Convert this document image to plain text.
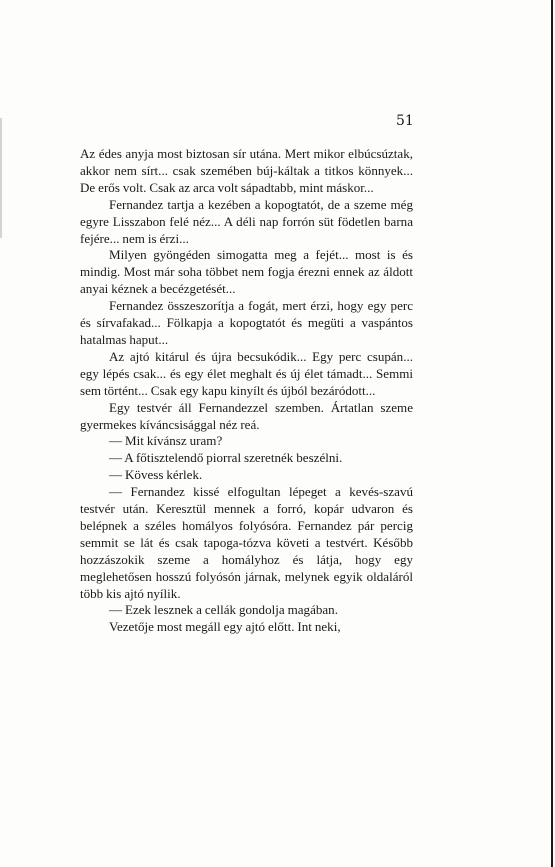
51

Az édes anyja most biztosan sír utána. Mert mikor elbúcsúztak, akkor nem sírt... csak szemében búj-káltak a titkos könnyek... De erős volt. Csak az arca volt sápadtabb, mint máskor...

Fernandez tartja a kezében a kopogtatót, de a szeme még egyre Lisszabon felé néz... A déli nap forrón süt födetlen barna fejére... nem is érzi...

Milyen gyöngéden simogatta meg a fejét... most is és mindig. Most már soha többet nem fogja érezni ennek az áldott anyai kéznek a becézgetését...

Fernandez összeszorítja a fogát, mert érzi, hogy egy perc és sírvafakad... Fölkapja a kopogtatót és megüti a vaspántos hatalmas haput...

Az ajtó kitárul és újra becsukódik... Egy perc csupán... egy lépés csak... és egy élet meghalt és új élet támadt... Semmi sem történt... Csak egy kapu kinyílt és újból bezáródott...

Egy testvér áll Fernandezzel szemben. Ártatlan szeme gyermekes kíváncsisággal néz reá.

— Mit kívánsz uram?

— A főtisztelendő piorral szeretnék beszélni.

— Kövess kérlek.

— Fernandez kissé elfogultan lépeget a kevés-szavú testvér után. Keresztül mennek a forró, kopár udvaron és belépnek a széles homályos folyósóra. Fernandez pár percig semmit se lát és csak tapoga-tózva követi a testvért. Később hozzászokik szeme a homályhoz és látja, hogy egy meglehetősen hosszú folyósón járnak, melynek egyik oldaláról több kis ajtó nyílik.

— Ezek lesznek a cellák gondolja magában.

Vezetője most megáll egy ajtó előtt. Int neki,
